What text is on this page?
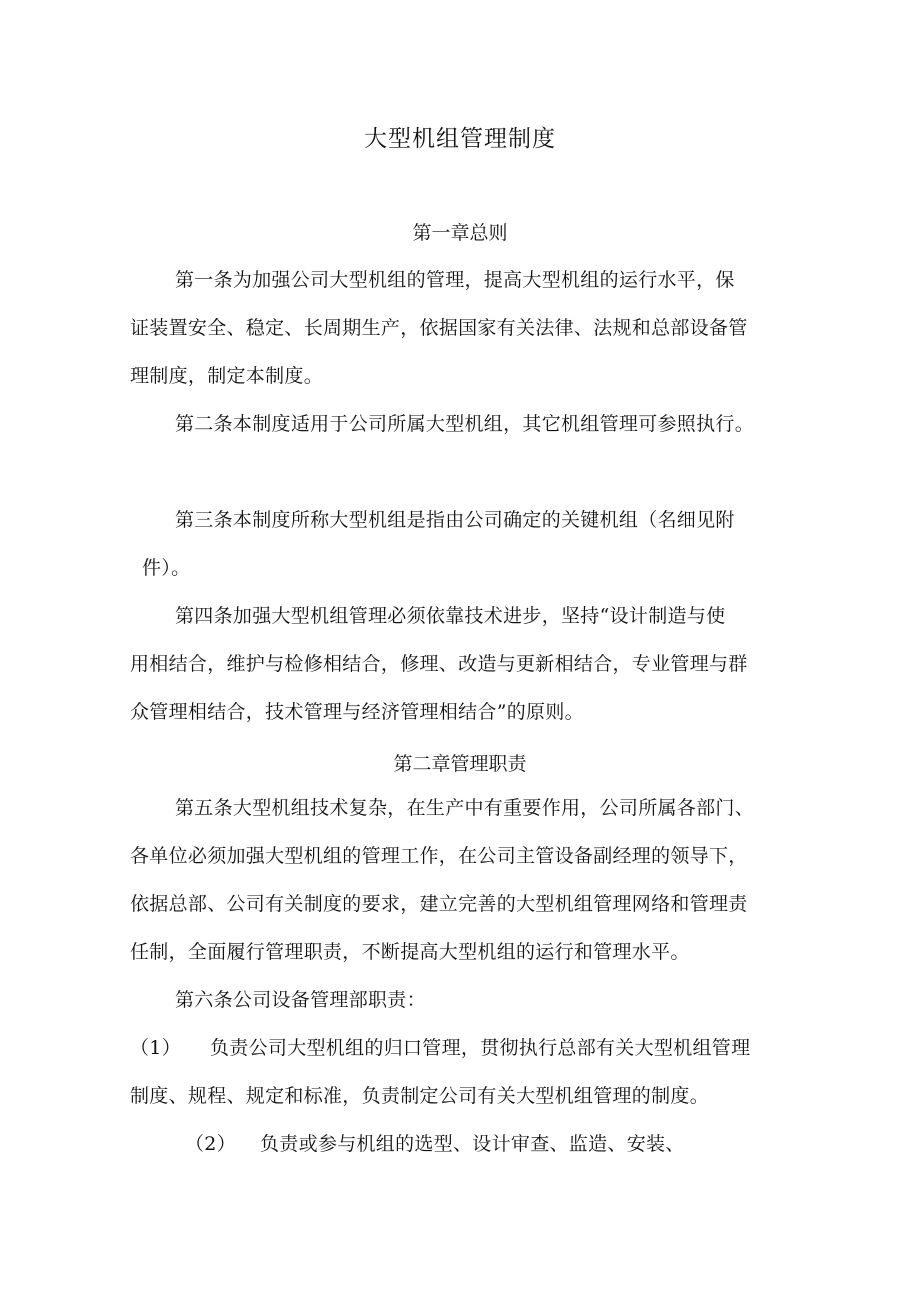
大型机组管理制度
第一章总则
第一条为加强公司大型机组的管理，提高大型机组的运行水平，保
证装置安全、稳定、长周期生产，依据国家有关法律、法规和总部设备管
理制度，制定本制度。
第二条本制度适用于公司所属大型机组，其它机组管理可参照执行。
第三条本制度所称大型机组是指由公司确定的关键机组（名细见附
件）。
第四条加强大型机组管理必须依靠技术进步，坚持“设计制造与使
用相结合，维护与检修相结合，修理、改造与更新相结合，专业管理与群
众管理相结合，技术管理与经济管理相结合”的原则。
第二章管理职责
第五条大型机组技术复杂，在生产中有重要作用，公司所属各部门、
各单位必须加强大型机组的管理工作，在公司主管设备副经理的领导下，
依据总部、公司有关制度的要求，建立完善的大型机组管理网络和管理责
任制，全面履行管理职责，不断提高大型机组的运行和管理水平。
第六条公司设备管理部职责：
（1） 负责公司大型机组的归口管理，贯彻执行总部有关大型机组管理
制度、规程、规定和标准，负责制定公司有关大型机组管理的制度。
（2） 负责或参与机组的选型、设计审查、监造、安装、
